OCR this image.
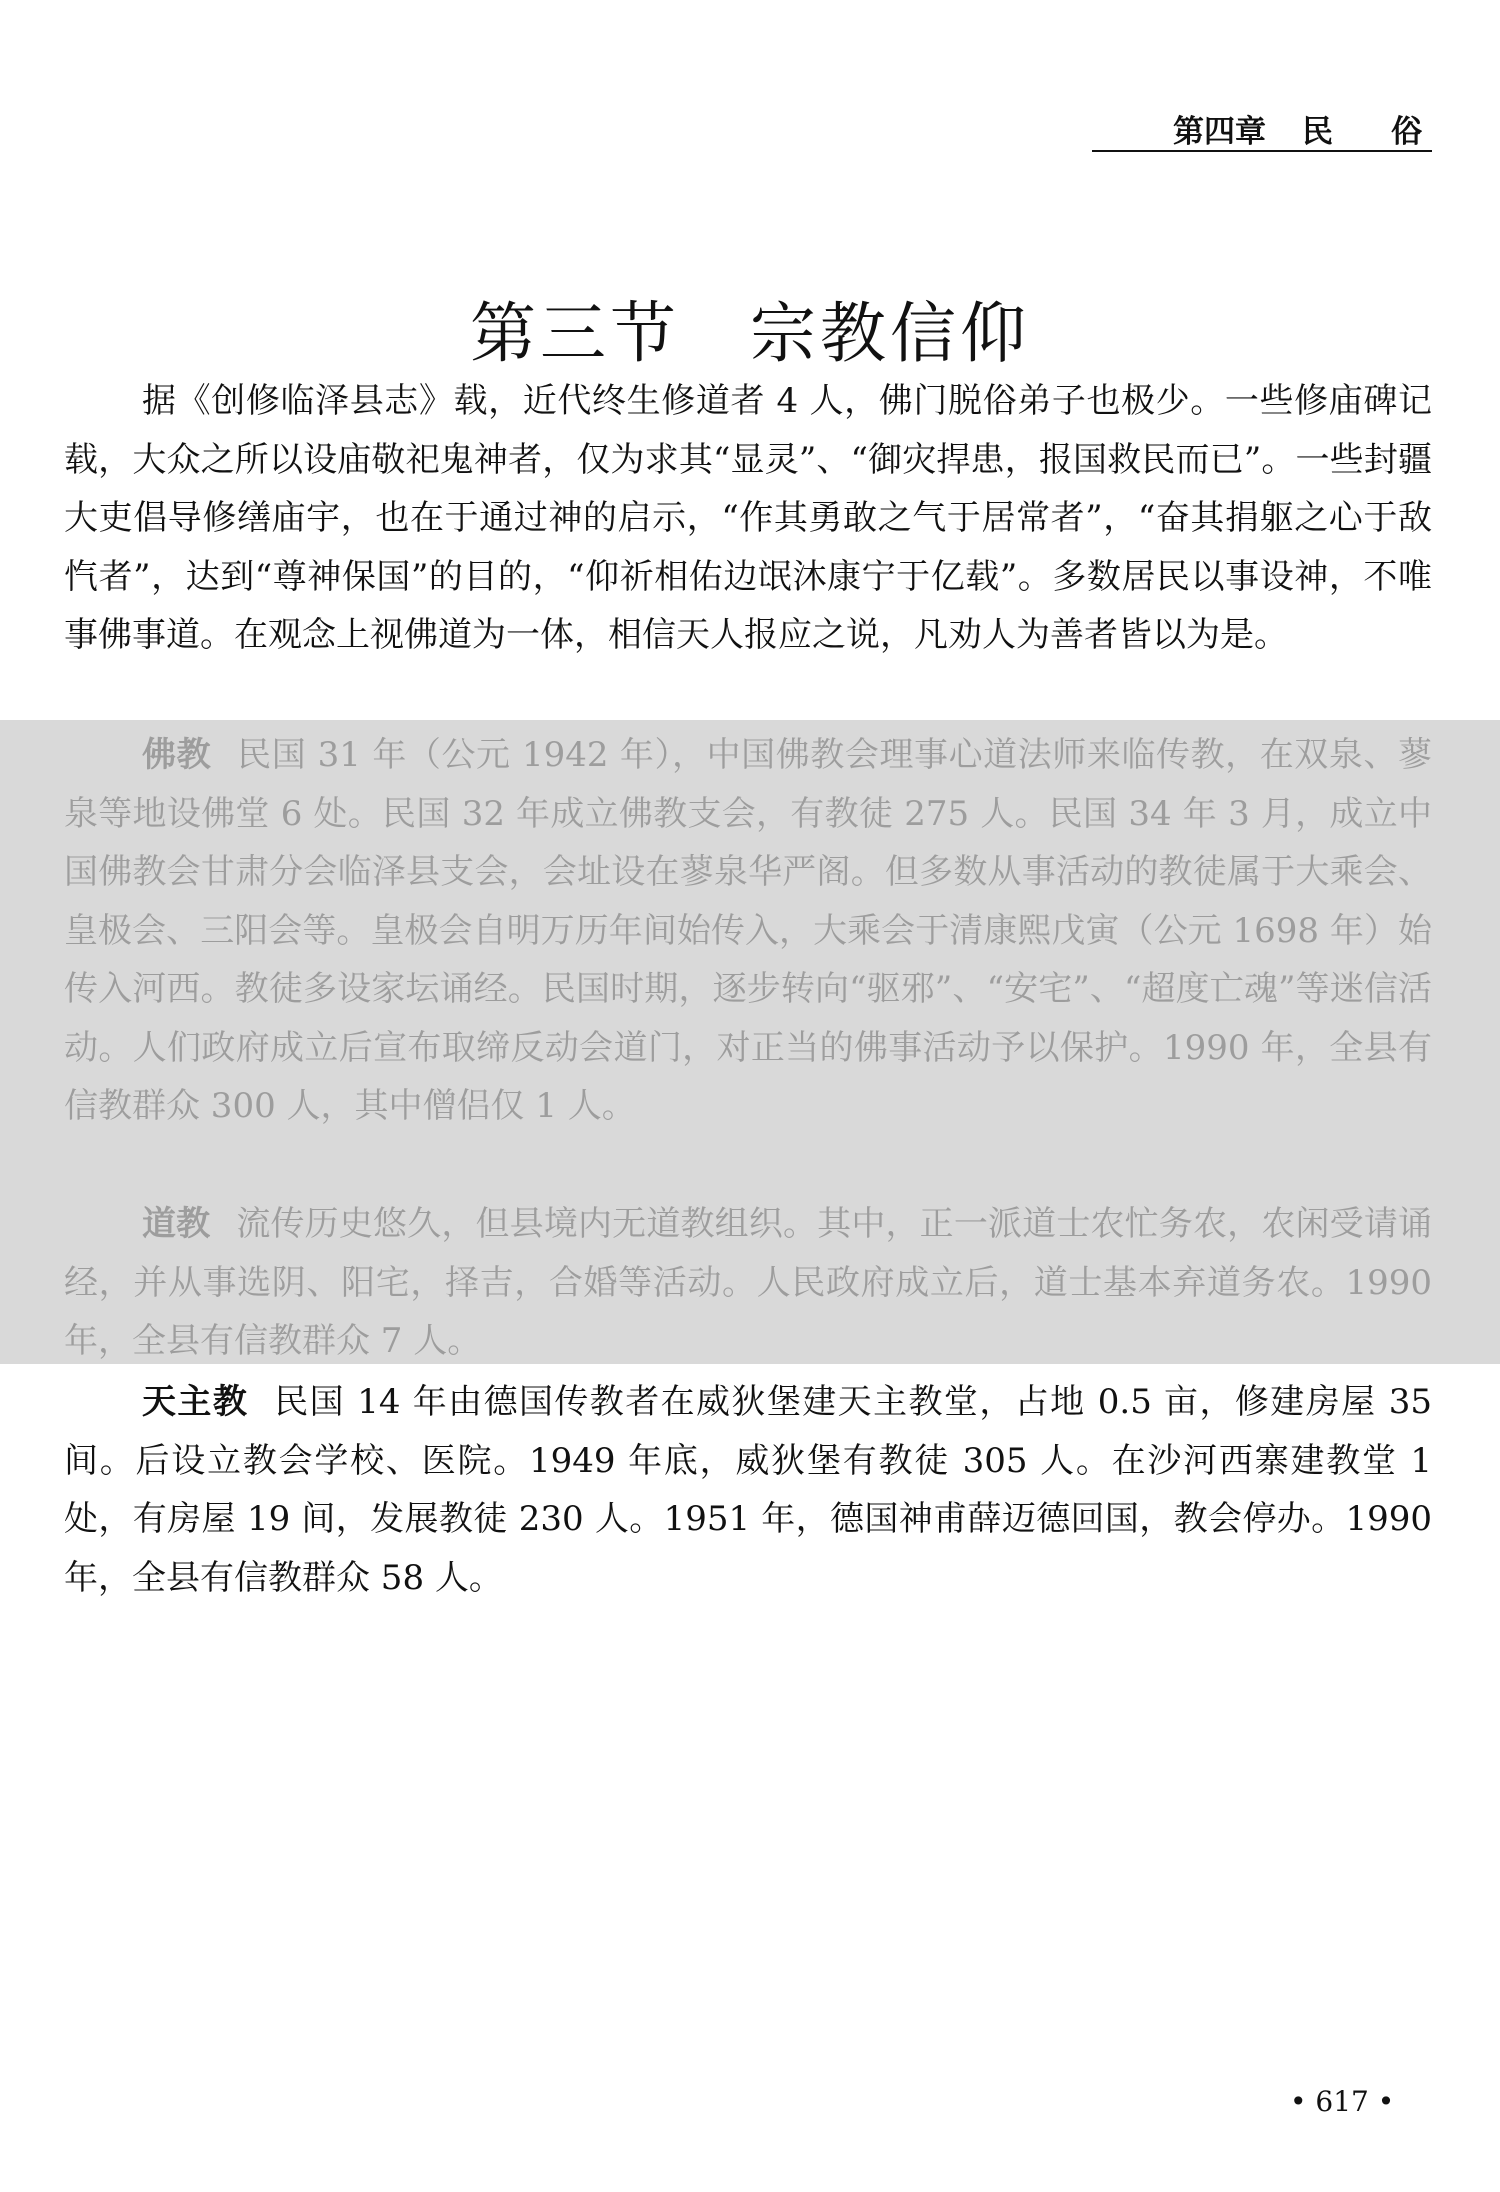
第四章 民俗
第三节 宗教信仰

据《创修临泽县志》载，近代终生修道者 4 人，佛门脱俗弟子也极少。一些修庙碑记载，大众之所以设庙敬祀鬼神者，仅为求其“显灵”、“御灾捍患，报国救民而已”。一些封疆大吏倡导修缮庙宇，也在于通过神的启示，“作其勇敢之气于居常者”，“奋其捐躯之心于敌忾者”，达到“尊神保国”的目的，“仰祈相佑边氓沐康宁于亿载”。多数居民以事设神，不唯事佛事道。在观念上视佛道为一体，相信天人报应之说，凡劝人为善者皆以为是。

佛教 民国 31 年（公元 1942 年），中国佛教会理事心道法师来临传教，在双泉、蓼泉等地设佛堂 6 处。民国 32 年成立佛教支会，有教徒 275 人。民国 34 年 3 月，成立中国佛教会甘肃分会临泽县支会，会址设在蓼泉华严阁。但多数从事活动的教徒属于大乘会、皇极会、三阳会等。皇极会自明万历年间始传入，大乘会于清康熙戊寅（公元 1698 年）始传入河西。教徒多设家坛诵经。民国时期，逐步转向“驱邪”、“安宅”、“超度亡魂”等迷信活动。人们政府成立后宣布取缔反动会道门，对正当的佛事活动予以保护。1990 年，全县有信教群众 300 人，其中僧侣仅 1 人。

道教 流传历史悠久，但县境内无道教组织。其中，正一派道士农忙务农，农闲受请诵经，并从事选阴、阳宅，择吉，合婚等活动。人民政府成立后，道士基本弃道务农。1990 年，全县有信教群众 7 人。

天主教 民国 14 年由德国传教者在威狄堡建天主教堂，占地 0.5 亩，修建房屋 35 间。后设立教会学校、医院。1949 年底，威狄堡有教徒 305 人。在沙河西寨建教堂 1 处，有房屋 19 间，发展教徒 230 人。1951 年，德国神甫薛迈德回国，教会停办。1990 年，全县有信教群众 58 人。

• 617 •
